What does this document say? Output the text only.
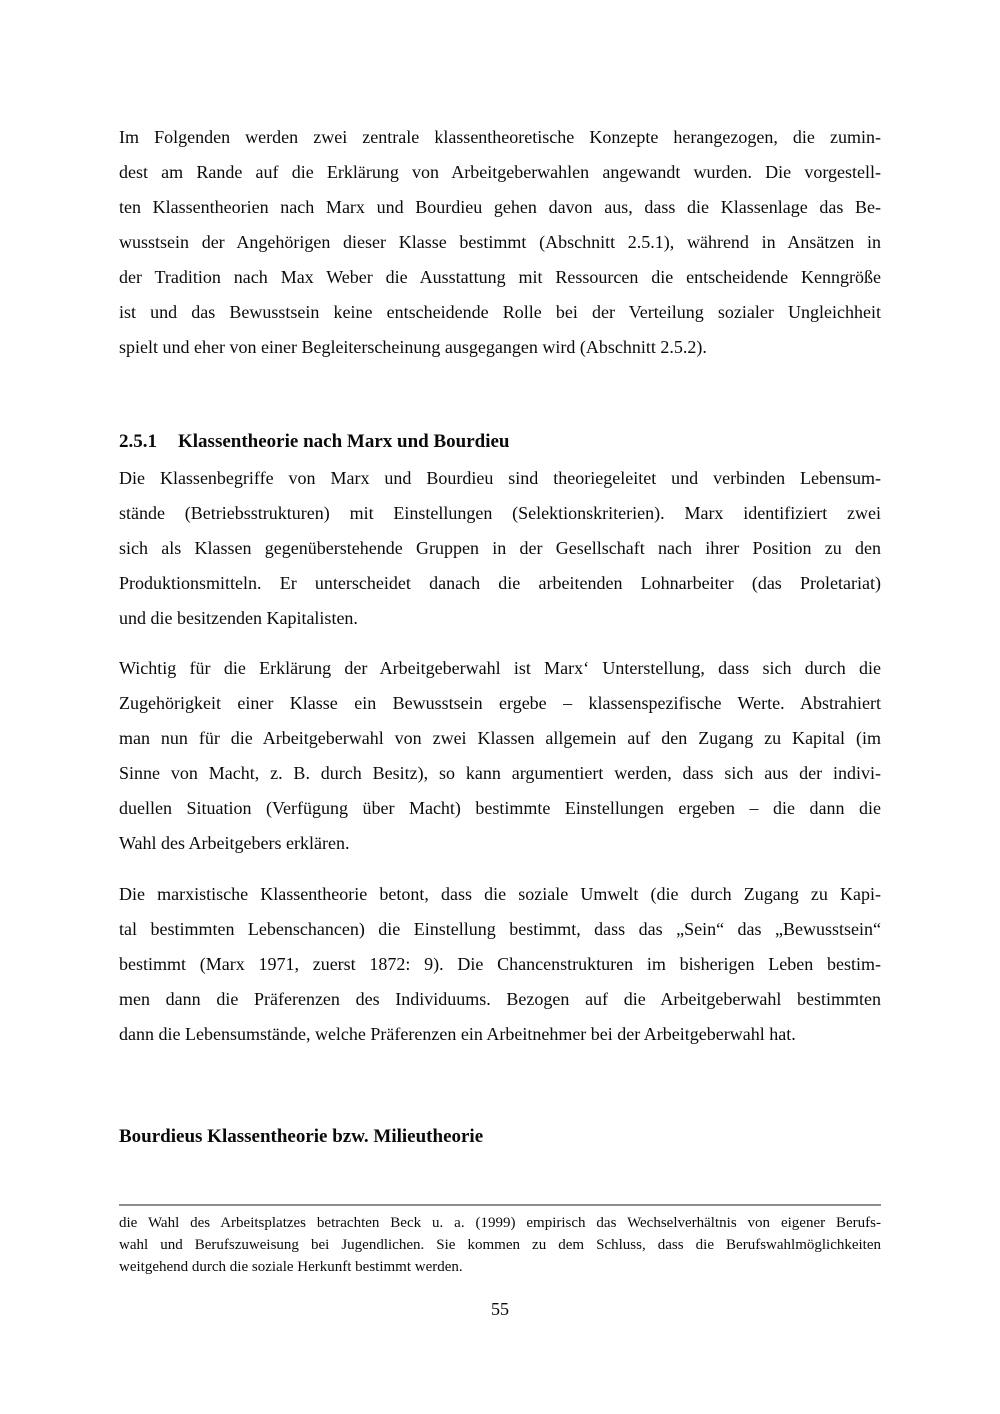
Im Folgenden werden zwei zentrale klassentheoretische Konzepte herangezogen, die zumin-
dest am Rande auf die Erklärung von Arbeitgeberwahlen angewandt wurden. Die vorgestell-
ten Klassentheorien nach Marx und Bourdieu gehen davon aus, dass die Klassenlage das Be-
wusstsein der Angehörigen dieser Klasse bestimmt (Abschnitt 2.5.1), während in Ansätzen in
der Tradition nach Max Weber die Ausstattung mit Ressourcen die entscheidende Kenngröße
ist und das Bewusstsein keine entscheidende Rolle bei der Verteilung sozialer Ungleichheit
spielt und eher von einer Begleiterscheinung ausgegangen wird (Abschnitt 2.5.2).
2.5.1 Klassentheorie nach Marx und Bourdieu
Die Klassenbegriffe von Marx und Bourdieu sind theoriegeleitet und verbinden Lebensum-
stände (Betriebsstrukturen) mit Einstellungen (Selektionskriterien). Marx identifiziert zwei
sich als Klassen gegenüberstehende Gruppen in der Gesellschaft nach ihrer Position zu den
Produktionsmitteln. Er unterscheidet danach die arbeitenden Lohnarbeiter (das Proletariat)
und die besitzenden Kapitalisten.
Wichtig für die Erklärung der Arbeitgeberwahl ist Marx‘ Unterstellung, dass sich durch die
Zugehörigkeit einer Klasse ein Bewusstsein ergebe – klassenspezifische Werte. Abstrahiert
man nun für die Arbeitgeberwahl von zwei Klassen allgemein auf den Zugang zu Kapital (im
Sinne von Macht, z. B. durch Besitz), so kann argumentiert werden, dass sich aus der indivi-
duellen Situation (Verfügung über Macht) bestimmte Einstellungen ergeben – die dann die
Wahl des Arbeitgebers erklären.
Die marxistische Klassentheorie betont, dass die soziale Umwelt (die durch Zugang zu Kapi-
tal bestimmten Lebenschancen) die Einstellung bestimmt, dass das „Sein“ das „Bewusstsein“
bestimmt (Marx 1971, zuerst 1872: 9). Die Chancenstrukturen im bisherigen Leben bestim-
men dann die Präferenzen des Individuums. Bezogen auf die Arbeitgeberwahl bestimmten
dann die Lebensumstände, welche Präferenzen ein Arbeitnehmer bei der Arbeitgeberwahl hat.
Bourdieus Klassentheorie bzw. Milieutheorie
die Wahl des Arbeitsplatzes betrachten Beck u. a. (1999) empirisch das Wechselverhältnis von eigener Berufs-
wahl und Berufszuweisung bei Jugendlichen. Sie kommen zu dem Schluss, dass die Berufswahlmöglichkeiten
weitgehend durch die soziale Herkunft bestimmt werden.
55
